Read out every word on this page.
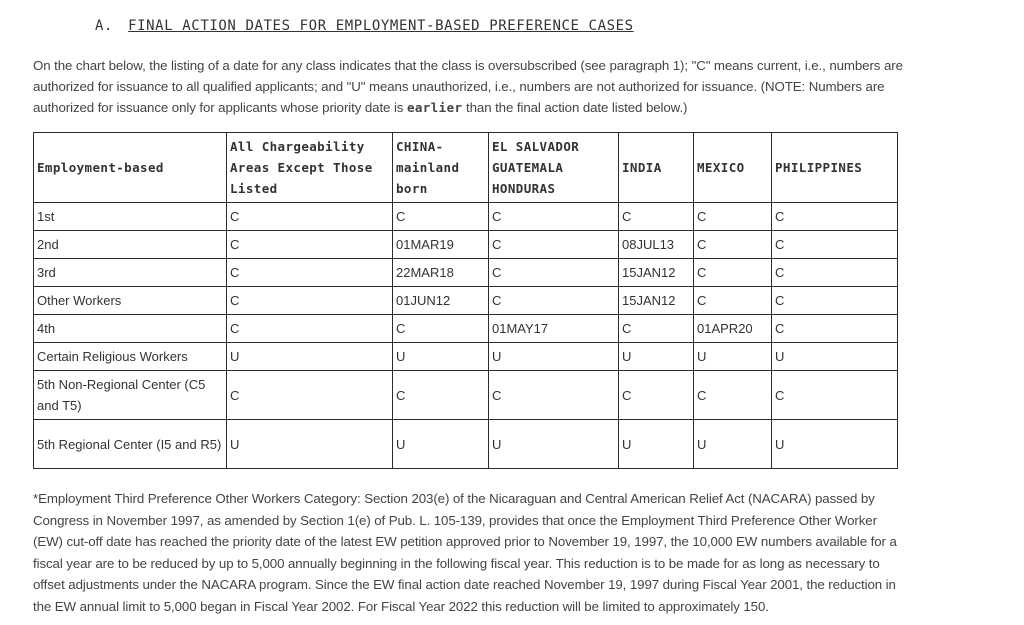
A. FINAL ACTION DATES FOR EMPLOYMENT-BASED PREFERENCE CASES

On the chart below, the listing of a date for any class indicates that the class is oversubscribed (see paragraph 1); "C" means current, i.e., numbers are authorized for issuance to all qualified applicants; and "U" means unauthorized, i.e., numbers are not authorized for issuance. (NOTE: Numbers are authorized for issuance only for applicants whose priority date is earlier than the final action date listed below.)

Employment-based	All Chargeability Areas Except Those Listed	CHINA-mainland born	EL SALVADOR GUATEMALA HONDURAS	INDIA	MEXICO	PHILIPPINES
1st	C	C	C	C	C	C
2nd	C	01MAR19	C	08JUL13	C	C
3rd	C	22MAR18	C	15JAN12	C	C
Other Workers	C	01JUN12	C	15JAN12	C	C
4th	C	C	01MAY17	C	01APR20	C
Certain Religious Workers	U	U	U	U	U	U
5th Non-Regional Center (C5 and T5)	C	C	C	C	C	C
5th Regional Center (I5 and R5)	U	U	U	U	U	U

*Employment Third Preference Other Workers Category: Section 203(e) of the Nicaraguan and Central American Relief Act (NACARA) passed by Congress in November 1997, as amended by Section 1(e) of Pub. L. 105-139, provides that once the Employment Third Preference Other Worker (EW) cut-off date has reached the priority date of the latest EW petition approved prior to November 19, 1997, the 10,000 EW numbers available for a fiscal year are to be reduced by up to 5,000 annually beginning in the following fiscal year. This reduction is to be made for as long as necessary to offset adjustments under the NACARA program. Since the EW final action date reached November 19, 1997 during Fiscal Year 2001, the reduction in the EW annual limit to 5,000 began in Fiscal Year 2002. For Fiscal Year 2022 this reduction will be limited to approximately 150.
